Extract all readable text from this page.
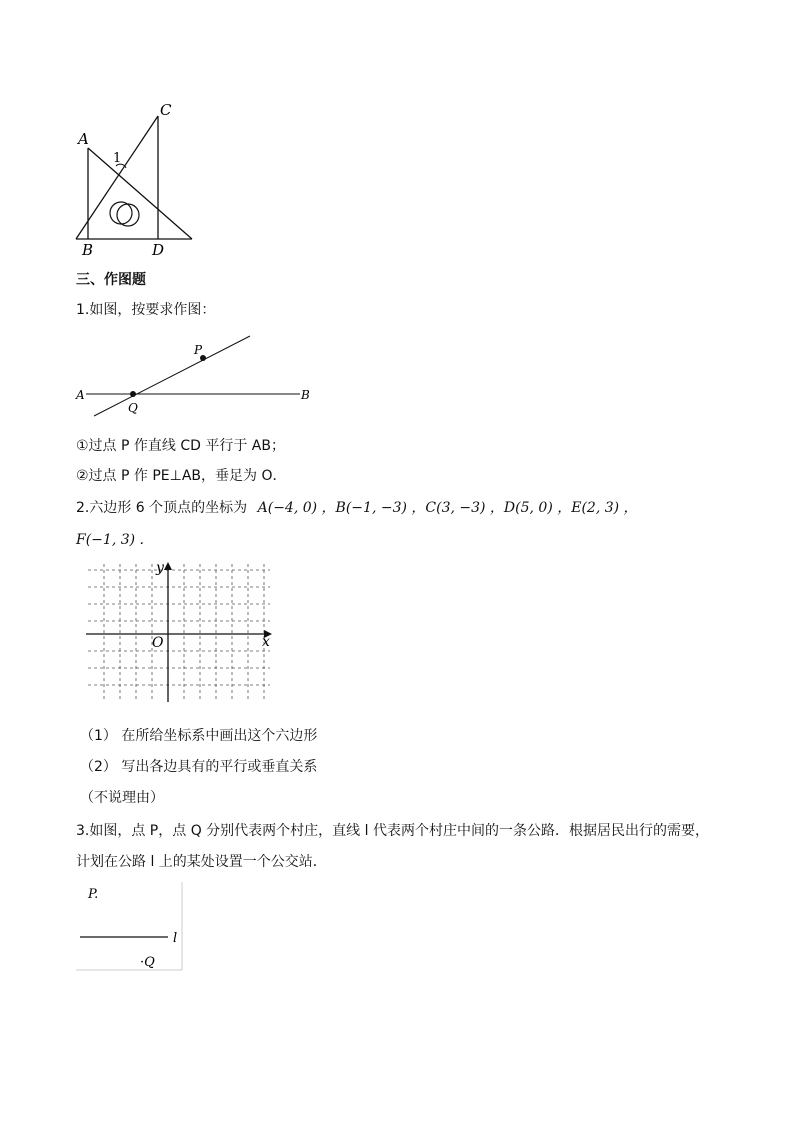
A
C
B	D
1
三、作图题
1.如图，按要求作图：
A	B
P
Q
①过点 P 作直线 CD 平行于 AB；
②过点 P 作 PE⊥AB，垂足为 O．
2.六边形 6 个顶点的坐标为 A(−4, 0) ，B(−1, −3) ，C(3, −3) ，D(5, 0) ，E(2, 3) ，
F(−1, 3) .
x
y
O
（1） 在所给坐标系中画出这个六边形
（2） 写出各边具有的平行或垂直关系
（不说理由）
3.如图，点 P，点 Q 分别代表两个村庄，直线 l 代表两个村庄中间的一条公路．根据居民出行的需要，
计划在公路 l 上的某处设置一个公交站．
P.
·Q
l
